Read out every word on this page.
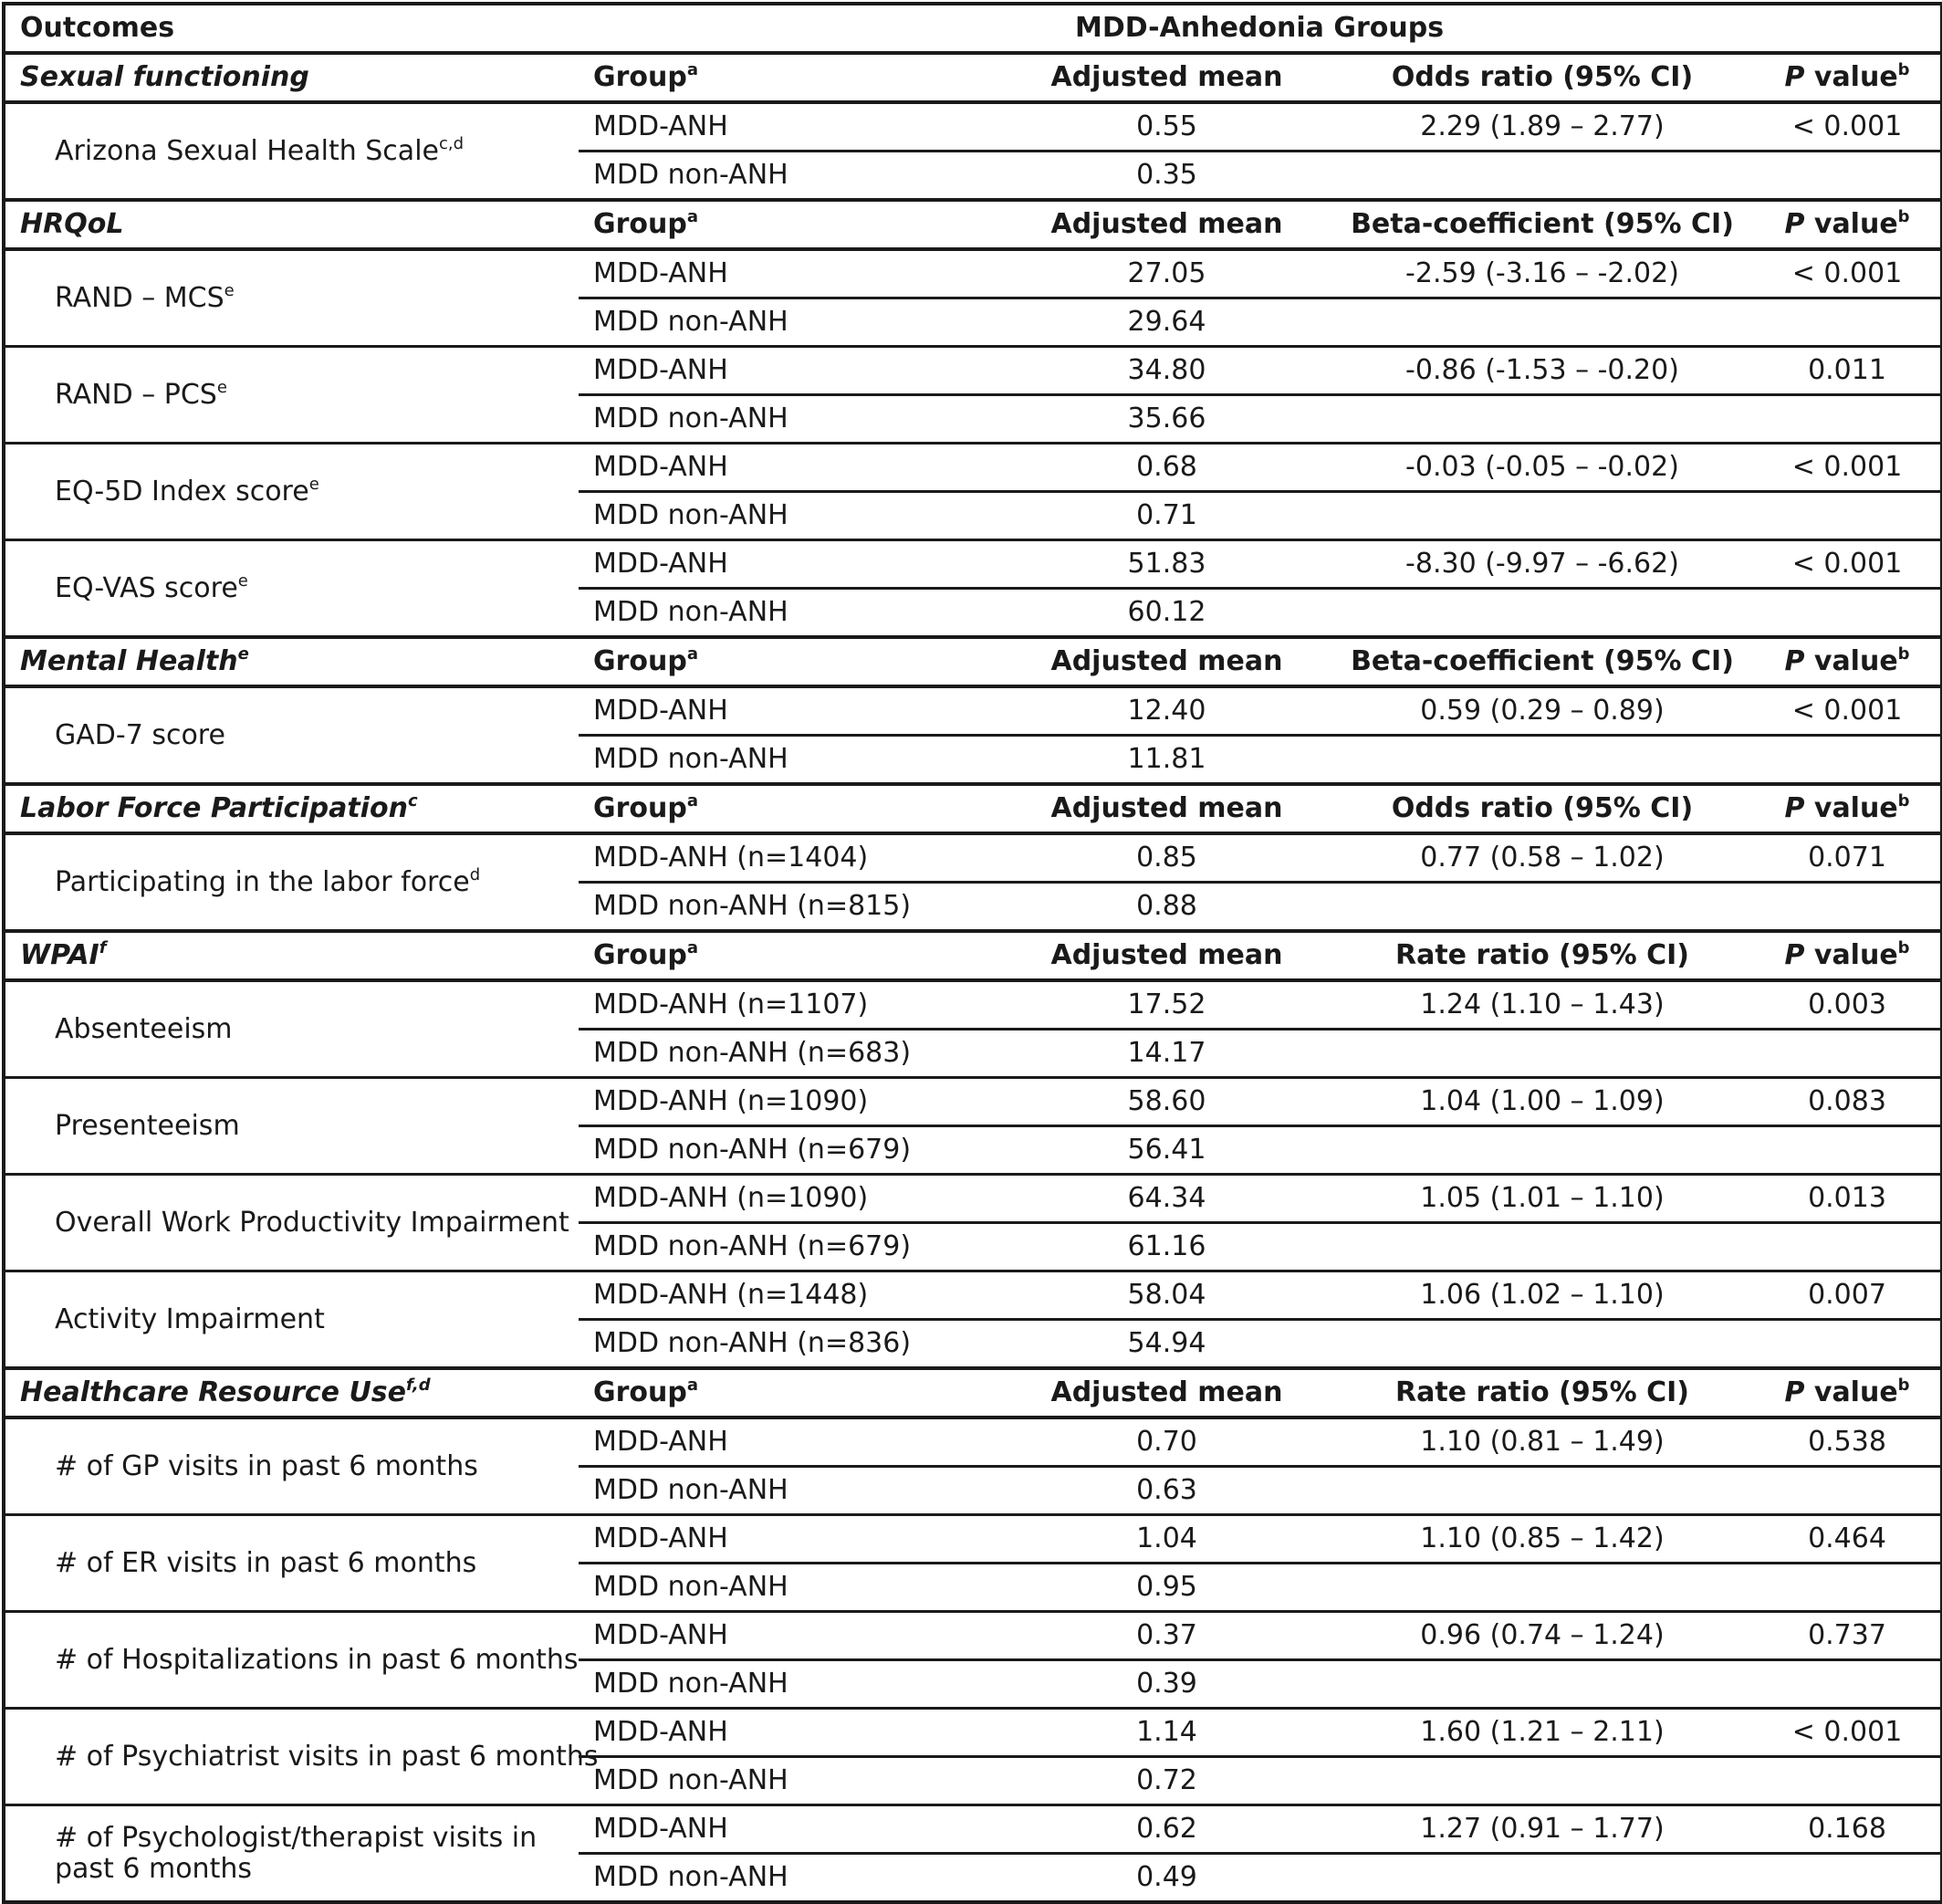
Outcomes	MDD-Anhedonia Groups			
Sexual functioning	Group$^a$	Adjusted mean	Odds ratio (95% CI)	P value$^b$
Arizona Sexual Health Scale$^{c,d}$	MDD-ANH	0.55	2.29 (1.89 – 2.77)	< 0.001
	MDD non-ANH	0.35		
HRQoL	Group$^a$	Adjusted mean	Beta-coefficient (95% CI)	P value$^b$
RAND – MCS$^e$	MDD-ANH	27.05	-2.59 (-3.16 – -2.02)	< 0.001
	MDD non-ANH	29.64		
RAND – PCS$^e$	MDD-ANH	34.80	-0.86 (-1.53 – -0.20)	0.011
	MDD non-ANH	35.66		
EQ-5D Index score$^e$	MDD-ANH	0.68	-0.03 (-0.05 – -0.02)	< 0.001
	MDD non-ANH	0.71		
EQ-VAS score$^e$	MDD-ANH	51.83	-8.30 (-9.97 – -6.62)	< 0.001
	MDD non-ANH	60.12		
Mental Health$^e$	Group$^a$	Adjusted mean	Beta-coefficient (95% CI)	P value$^b$
GAD-7 score	MDD-ANH	12.40	0.59 (0.29 – 0.89)	< 0.001
	MDD non-ANH	11.81		
Labor Force Participation$^c$	Group$^a$	Adjusted mean	Odds ratio (95% CI)	P value$^b$
Participating in the labor force$^d$	MDD-ANH (n=1404)	0.85	0.77 (0.58 – 1.02)	0.071
	MDD non-ANH (n=815)	0.88		
WPAI$^f$	Group$^a$	Adjusted mean	Rate ratio (95% CI)	P value$^b$
Absenteeism	MDD-ANH (n=1107)	17.52	1.24 (1.10 – 1.43)	0.003
	MDD non-ANH (n=683)	14.17		
Presenteeism	MDD-ANH (n=1090)	58.60	1.04 (1.00 – 1.09)	0.083
	MDD non-ANH (n=679)	56.41		
Overall Work Productivity Impairment	MDD-ANH (n=1090)	64.34	1.05 (1.01 – 1.10)	0.013
	MDD non-ANH (n=679)	61.16		
Activity Impairment	MDD-ANH (n=1448)	58.04	1.06 (1.02 – 1.10)	0.007
	MDD non-ANH (n=836)	54.94		
Healthcare Resource Use$^{f,d}$	Group$^a$	Adjusted mean	Rate ratio (95% CI)	P value$^b$
# of GP visits in past 6 months	MDD-ANH	0.70	1.10 (0.81 – 1.49)	0.538
	MDD non-ANH	0.63		
# of ER visits in past 6 months	MDD-ANH	1.04	1.10 (0.85 – 1.42)	0.464
	MDD non-ANH	0.95		
# of Hospitalizations in past 6 months	MDD-ANH	0.37	0.96 (0.74 – 1.24)	0.737
	MDD non-ANH	0.39		
# of Psychiatrist visits in past 6 months	MDD-ANH	1.14	1.60 (1.21 – 2.11)	< 0.001
	MDD non-ANH	0.72		
# of Psychologist/therapist visits in past 6 months	MDD-ANH	0.62	1.27 (0.91 – 1.77)	0.168
	MDD non-ANH	0.49		
